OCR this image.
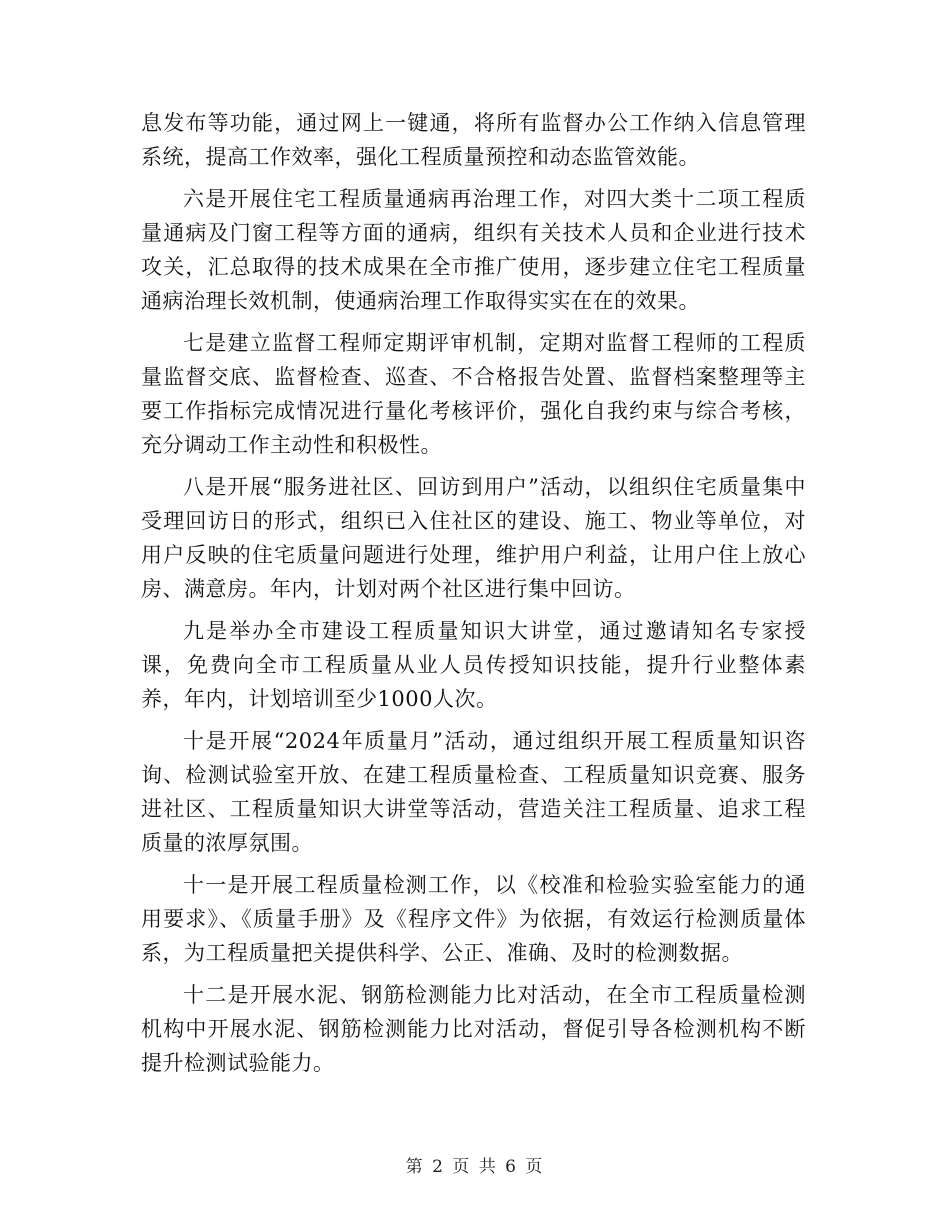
息发布等功能，通过网上一键通，将所有监督办公工作纳入信息管理系统，提高工作效率，强化工程质量预控和动态监管效能。

六是开展住宅工程质量通病再治理工作，对四大类十二项工程质量通病及门窗工程等方面的通病，组织有关技术人员和企业进行技术攻关，汇总取得的技术成果在全市推广使用，逐步建立住宅工程质量通病治理长效机制，使通病治理工作取得实实在在的效果。

七是建立监督工程师定期评审机制，定期对监督工程师的工程质量监督交底、监督检查、巡查、不合格报告处置、监督档案整理等主要工作指标完成情况进行量化考核评价，强化自我约束与综合考核，充分调动工作主动性和积极性。

八是开展“服务进社区、回访到用户”活动，以组织住宅质量集中受理回访日的形式，组织已入住社区的建设、施工、物业等单位，对用户反映的住宅质量问题进行处理，维护用户利益，让用户住上放心房、满意房。年内，计划对两个社区进行集中回访。

九是举办全市建设工程质量知识大讲堂，通过邀请知名专家授课，免费向全市工程质量从业人员传授知识技能，提升行业整体素养，年内，计划培训至少1000人次。

十是开展“2024年质量月”活动，通过组织开展工程质量知识咨询、检测试验室开放、在建工程质量检查、工程质量知识竞赛、服务进社区、工程质量知识大讲堂等活动，营造关注工程质量、追求工程质量的浓厚氛围。

十一是开展工程质量检测工作，以《校准和检验实验室能力的通用要求》、《质量手册》及《程序文件》为依据，有效运行检测质量体系，为工程质量把关提供科学、公正、准确、及时的检测数据。

十二是开展水泥、钢筋检测能力比对活动，在全市工程质量检测机构中开展水泥、钢筋检测能力比对活动，督促引导各检测机构不断提升检测试验能力。

第 2 页 共 6 页
